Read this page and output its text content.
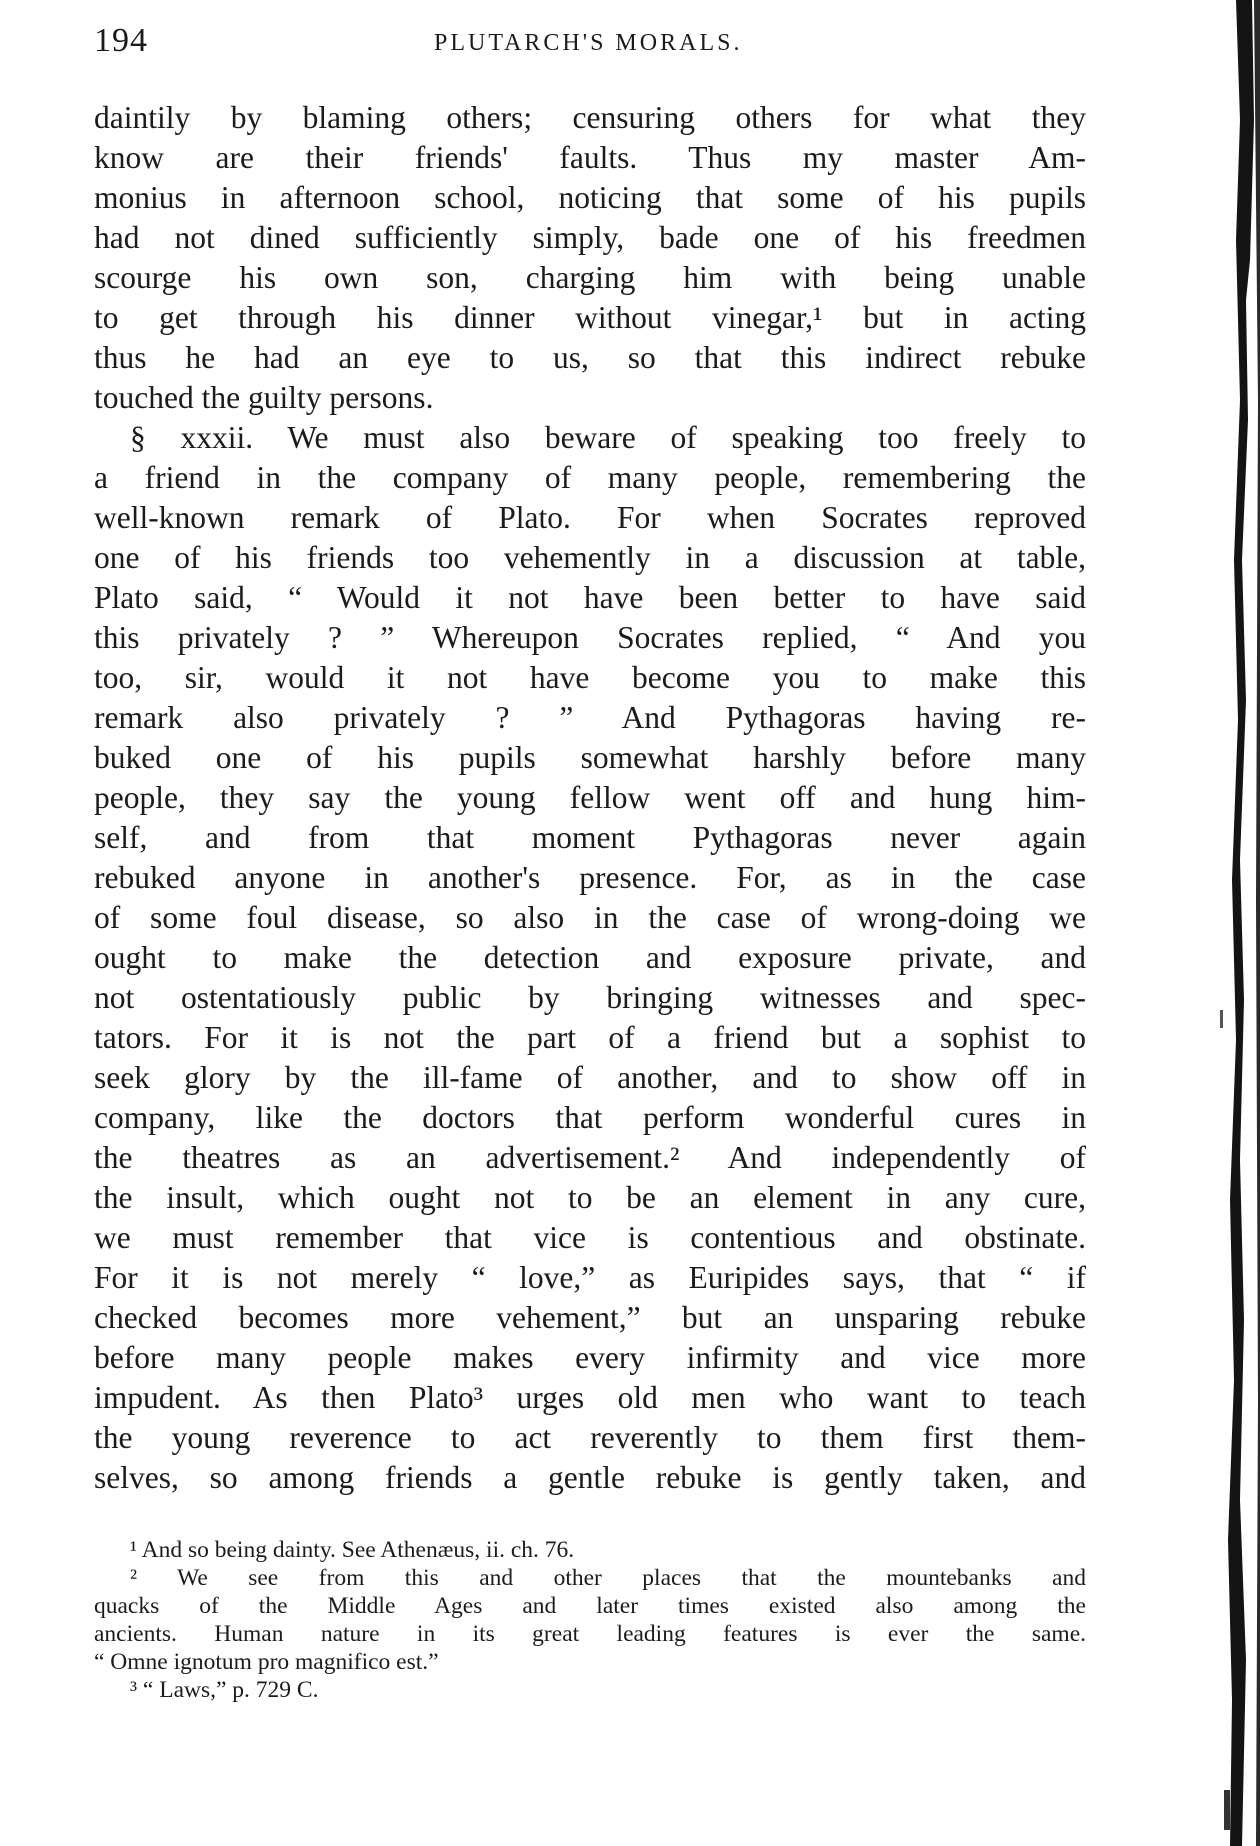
194	PLUTARCH'S MORALS.
daintily by blaming others; censuring others for what they
know are their friends' faults. Thus my master Am-
monius in afternoon school, noticing that some of his pupils
had not dined sufficiently simply, bade one of his freedmen
scourge his own son, charging him with being unable
to get through his dinner without vinegar,¹ but in acting
thus he had an eye to us, so that this indirect rebuke
touched the guilty persons.
§ xxxii. We must also beware of speaking too freely to
a friend in the company of many people, remembering the
well-known remark of Plato. For when Socrates reproved
one of his friends too vehemently in a discussion at table,
Plato said, “ Would it not have been better to have said
this privately ? ” Whereupon Socrates replied, “ And you
too, sir, would it not have become you to make this
remark also privately ? ” And Pythagoras having re-
buked one of his pupils somewhat harshly before many
people, they say the young fellow went off and hung him-
self, and from that moment Pythagoras never again
rebuked anyone in another's presence. For, as in the case
of some foul disease, so also in the case of wrong-doing we
ought to make the detection and exposure private, and
not ostentatiously public by bringing witnesses and spec-
tators. For it is not the part of a friend but a sophist to
seek glory by the ill-fame of another, and to show off in
company, like the doctors that perform wonderful cures in
the theatres as an advertisement.² And independently of
the insult, which ought not to be an element in any cure,
we must remember that vice is contentious and obstinate.
For it is not merely “ love,” as Euripides says, that “ if
checked becomes more vehement,” but an unsparing rebuke
before many people makes every infirmity and vice more
impudent. As then Plato³ urges old men who want to teach
the young reverence to act reverently to them first them-
selves, so among friends a gentle rebuke is gently taken, and
¹ And so being dainty. See Athenæus, ii. ch. 76.
² We see from this and other places that the mountebanks and
quacks of the Middle Ages and later times existed also among the
ancients. Human nature in its great leading features is ever the same.
“ Omne ignotum pro magnifico est.”
³ “ Laws,” p. 729 C.
